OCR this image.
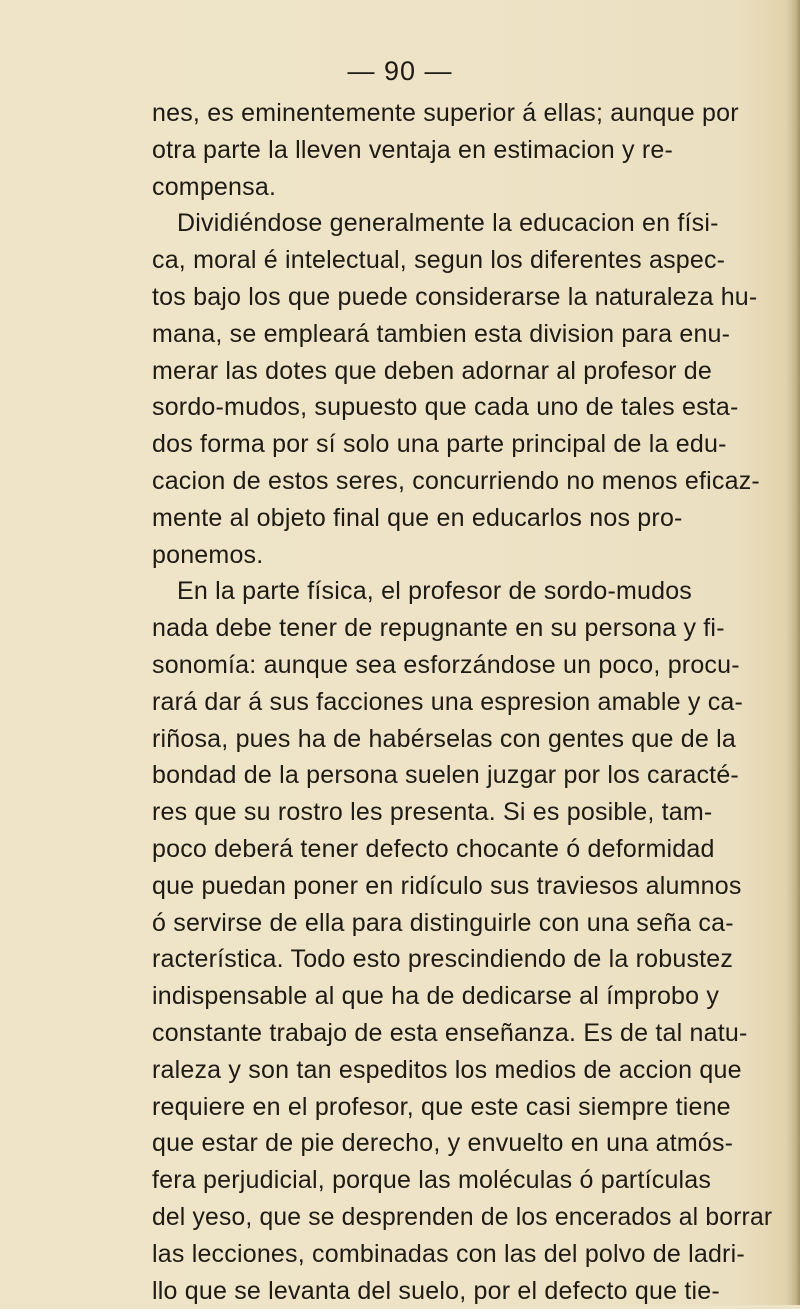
— 90 —
nes, es eminentemente superior á ellas; aunque por
otra parte la lleven ventaja en estimacion y re-
compensa.
Dividiéndose generalmente la educacion en físi-
ca, moral é intelectual, segun los diferentes aspec-
tos bajo los que puede considerarse la naturaleza hu-
mana, se empleará tambien esta division para enu-
merar las dotes que deben adornar al profesor de
sordo-mudos, supuesto que cada uno de tales esta-
dos forma por sí solo una parte principal de la edu-
cacion de estos seres, concurriendo no menos eficaz-
mente al objeto final que en educarlos nos pro-
ponemos.
En la parte física, el profesor de sordo-mudos
nada debe tener de repugnante en su persona y fi-
sonomía: aunque sea esforzándose un poco, procu-
rará dar á sus facciones una espresion amable y ca-
riñosa, pues ha de habérselas con gentes que de la
bondad de la persona suelen juzgar por los caracté-
res que su rostro les presenta. Si es posible, tam-
poco deberá tener defecto chocante ó deformidad
que puedan poner en ridículo sus traviesos alumnos
ó servirse de ella para distinguirle con una seña ca-
racterística. Todo esto prescindiendo de la robustez
indispensable al que ha de dedicarse al ímprobo y
constante trabajo de esta enseñanza. Es de tal natu-
raleza y son tan espeditos los medios de accion que
requiere en el profesor, que este casi siempre tiene
que estar de pie derecho, y envuelto en una atmós-
fera perjudicial, porque las moléculas ó partículas
del yeso, que se desprenden de los encerados al borrar
las lecciones, combinadas con las del polvo de ladri-
llo que se levanta del suelo, por el defecto que tie-
